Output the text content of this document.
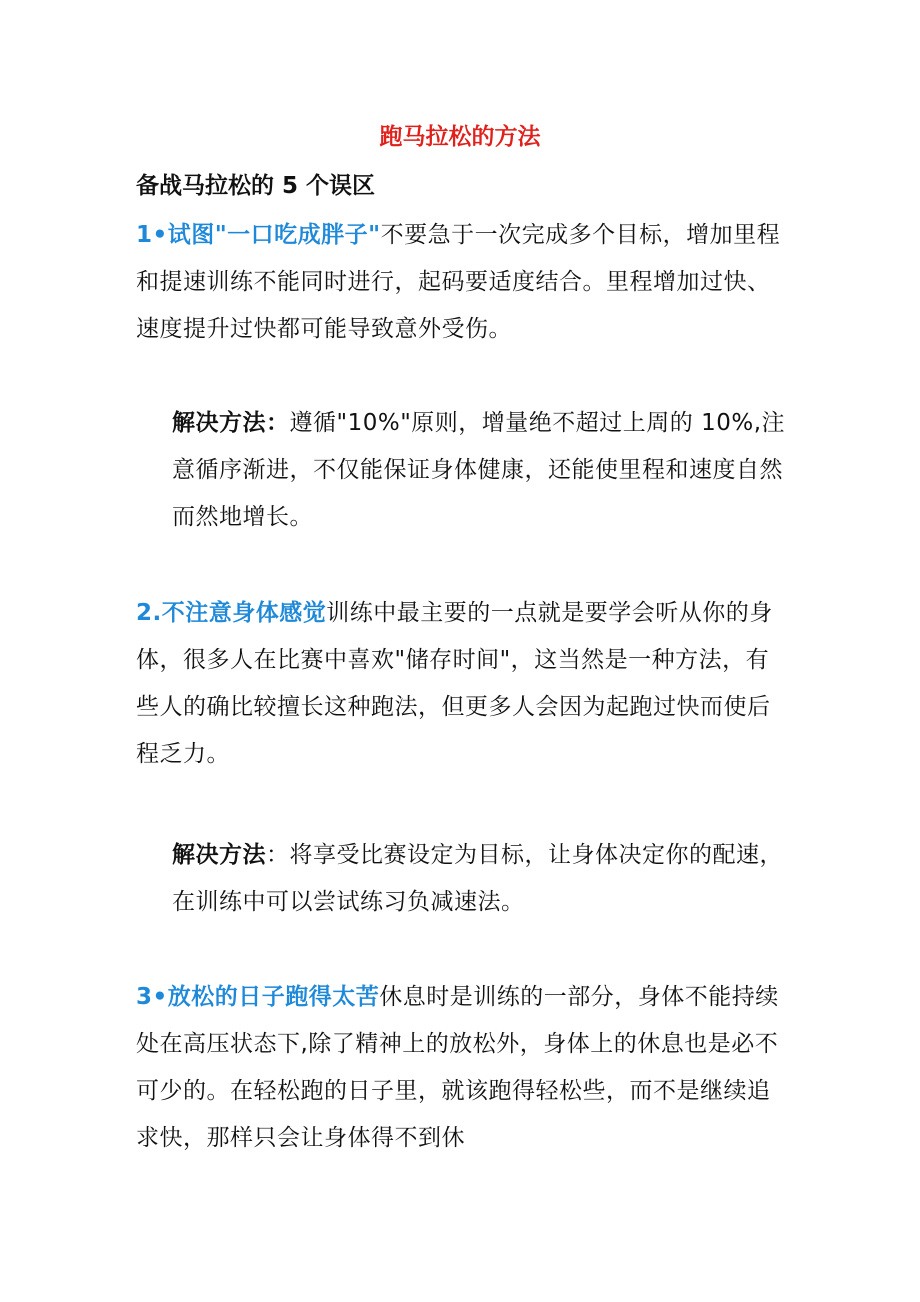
跑马拉松的方法
备战马拉松的 5 个误区

1•试图"一口吃成胖子"不要急于一次完成多个目标，增加里程和提速训练不能同时进行，起码要适度结合。里程增加过快、速度提升过快都可能导致意外受伤。

解决方法：遵循"10%"原则，增量绝不超过上周的 10%,注意循序渐进，不仅能保证身体健康，还能使里程和速度自然而然地增长。

2.不注意身体感觉训练中最主要的一点就是要学会听从你的身体，很多人在比赛中喜欢"储存时间"，这当然是一种方法，有些人的确比较擅长这种跑法，但更多人会因为起跑过快而使后程乏力。

解决方法：将享受比赛设定为目标，让身体决定你的配速，在训练中可以尝试练习负减速法。

3•放松的日子跑得太苦休息时是训练的一部分，身体不能持续处在高压状态下,除了精神上的放松外，身体上的休息也是必不可少的。在轻松跑的日子里，就该跑得轻松些，而不是继续追求快，那样只会让身体得不到休
